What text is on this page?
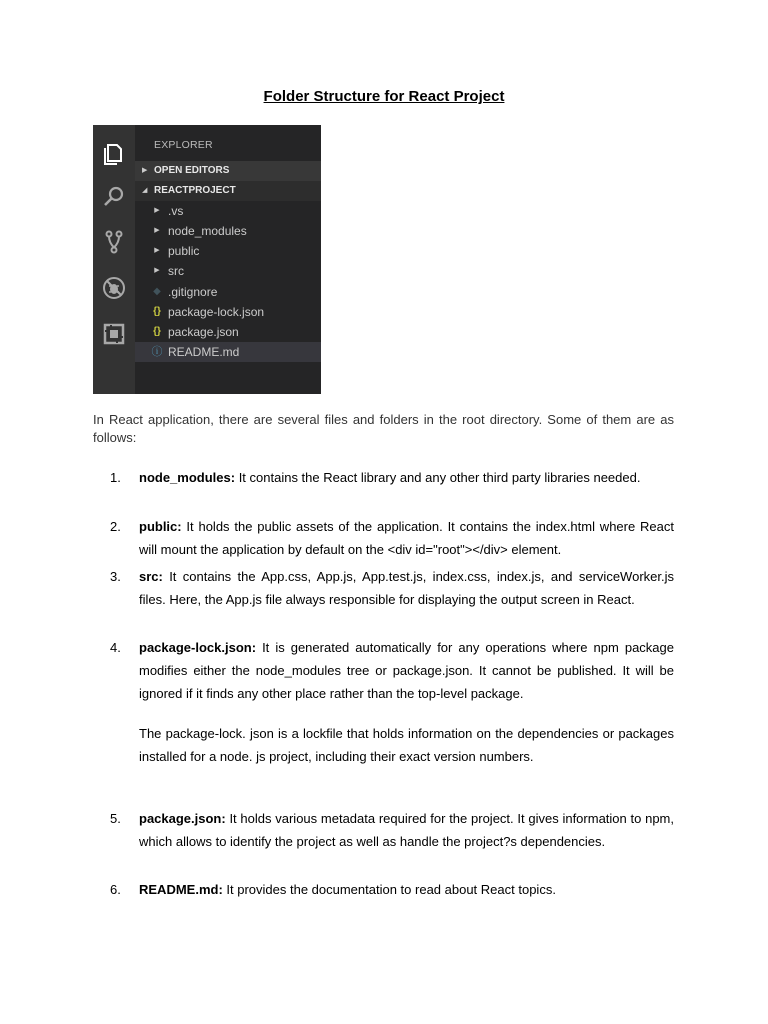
Folder Structure for React Project
EXPLORER
▶ OPEN EDITORS
◢ REACTPROJECT
▶ .vs
▶ node_modules
▶ public
▶ src
◆ .gitignore
{} package-lock.json
{} package.json
ⓘ README.md
In React application, there are several files and folders in the root directory. Some of them are as follows:
1.	node_modules: It contains the React library and any other third party libraries needed.
2.	public: It holds the public assets of the application. It contains the index.html where React will mount the application by default on the <div id="root"></div> element.
3.	src: It contains the App.css, App.js, App.test.js, index.css, index.js, and serviceWorker.js files. Here, the App.js file always responsible for displaying the output screen in React.
4.	package-lock.json: It is generated automatically for any operations where npm package modifies either the node_modules tree or package.json. It cannot be published. It will be ignored if it finds any other place rather than the top-level package.
The package-lock. json is a lockfile that holds information on the dependencies or packages installed for a node. js project, including their exact version numbers.
5.	package.json: It holds various metadata required for the project. It gives information to npm, which allows to identify the project as well as handle the project?s dependencies.
6.	README.md: It provides the documentation to read about React topics.
